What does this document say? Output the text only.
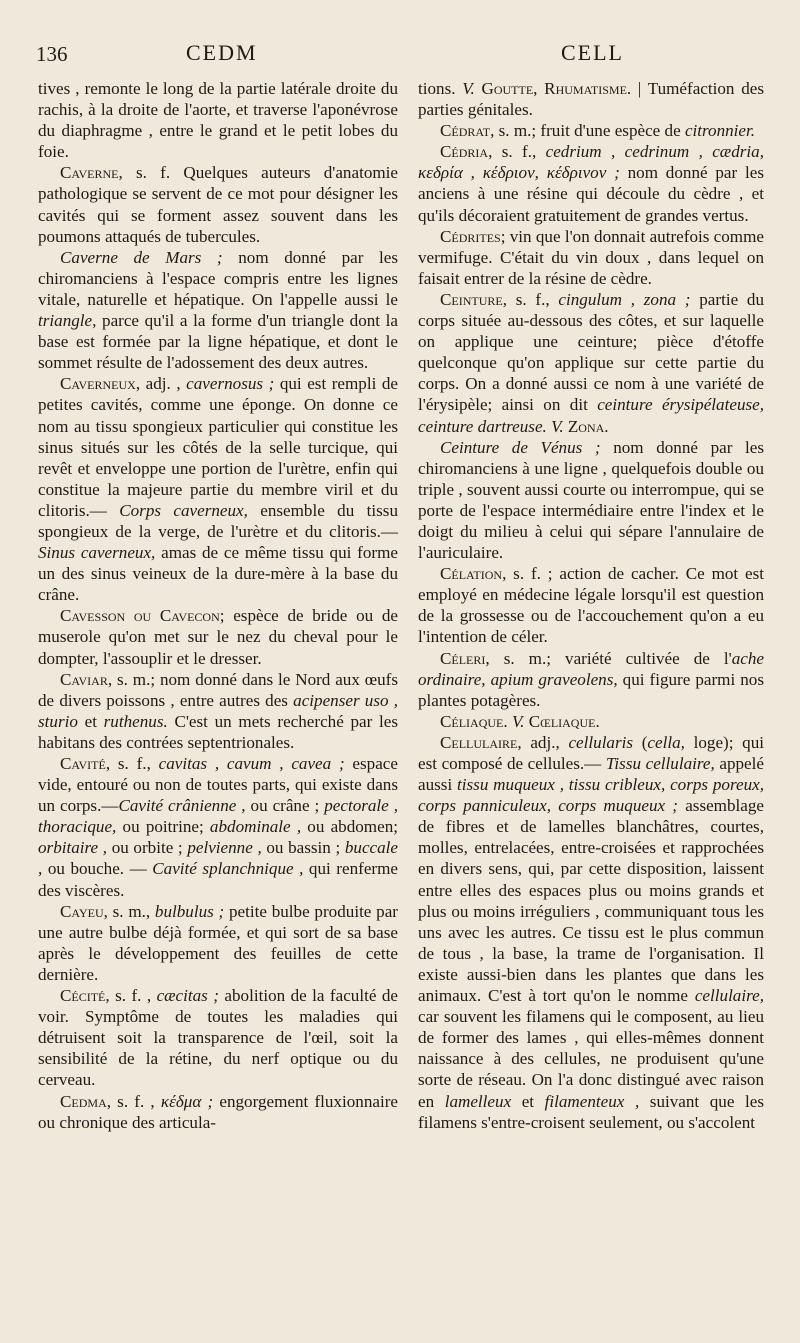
136	CEDM	CELL

tives , remonte le long de la partie latérale droite du rachis, à la droite de l'aorte, et traverse l'aponévrose du diaphragme , entre le grand et le petit lobes du foie.

Caverne, s. f. Quelques auteurs d'anatomie pathologique se servent de ce mot pour désigner les cavités qui se forment assez souvent dans les poumons attaqués de tubercules.

Caverne de Mars ; nom donné par les chiromanciens à l'espace compris entre les lignes vitale, naturelle et hépatique. On l'appelle aussi le triangle, parce qu'il a la forme d'un triangle dont la base est formée par la ligne hépatique, et dont le sommet résulte de l'adossement des deux autres.

Caverneux, adj. , cavernosus ; qui est rempli de petites cavités, comme une éponge. On donne ce nom au tissu spongieux particulier qui constitue les sinus situés sur les côtés de la selle turcique, qui revêt et enveloppe une portion de l'urètre, enfin qui constitue la majeure partie du membre viril et du clitoris.— Corps caverneux, ensemble du tissu spongieux de la verge, de l'urètre et du clitoris.—Sinus caverneux, amas de ce même tissu qui forme un des sinus veineux de la dure-mère à la base du crâne.

Cavesson ou Cavecon; espèce de bride ou de muserole qu'on met sur le nez du cheval pour le dompter, l'assouplir et le dresser.

Caviar, s. m.; nom donné dans le Nord aux œufs de divers poissons , entre autres des acipenser uso , sturio et ruthenus. C'est un mets recherché par les habitans des contrées septentrionales.

Cavité, s. f., cavitas , cavum , cavea ; espace vide, entouré ou non de toutes parts, qui existe dans un corps.—Cavité crânienne , ou crâne ; pectorale , thoracique, ou poitrine; abdominale , ou abdomen; orbitaire , ou orbite ; pelvienne , ou bassin ; buccale , ou bouche. — Cavité splanchnique , qui renferme des viscères.

Cayeu, s. m., bulbulus ; petite bulbe produite par une autre bulbe déjà formée, et qui sort de sa base après le développement des feuilles de cette dernière.

Cécité, s. f. , cæcitas ; abolition de la faculté de voir. Symptôme de toutes les maladies qui détruisent soit la transparence de l'œil, soit la sensibilité de la rétine, du nerf optique ou du cerveau.

Cedma, s. f. , κέδμα ; engorgement fluxionnaire ou chronique des articula-

tions. V. Goutte, Rhumatisme. | Tuméfaction des parties génitales.

Cédrat, s. m.; fruit d'une espèce de citronnier.

Cédria, s. f., cedrium , cedrinum , cædria, κεδρία , κέδριον, κέδρινον ; nom donné par les anciens à une résine qui découle du cèdre , et qu'ils décoraient gratuitement de grandes vertus.

Cédrites; vin que l'on donnait autrefois comme vermifuge. C'était du vin doux , dans lequel on faisait entrer de la résine de cèdre.

Ceinture, s. f., cingulum , zona ; partie du corps située au-dessous des côtes, et sur laquelle on applique une ceinture; pièce d'étoffe quelconque qu'on applique sur cette partie du corps. On a donné aussi ce nom à une variété de l'érysipèle; ainsi on dit ceinture érysipélateuse, ceinture dartreuse. V. Zona.

Ceinture de Vénus ; nom donné par les chiromanciens à une ligne , quelquefois double ou triple , souvent aussi courte ou interrompue, qui se porte de l'espace intermédiaire entre l'index et le doigt du milieu à celui qui sépare l'annulaire de l'auriculaire.

Célation, s. f. ; action de cacher. Ce mot est employé en médecine légale lorsqu'il est question de la grossesse ou de l'accouchement qu'on a eu l'intention de céler.

Céleri, s. m.; variété cultivée de l'ache ordinaire, apium graveolens, qui figure parmi nos plantes potagères.

Céliaque. V. Cœliaque.

Cellulaire, adj., cellularis (cella, loge); qui est composé de cellules.— Tissu cellulaire, appelé aussi tissu muqueux , tissu cribleux, corps poreux, corps panniculeux, corps muqueux ; assemblage de fibres et de lamelles blanchâtres, courtes, molles, entrelacées, entre-croisées et rapprochées en divers sens, qui, par cette disposition, laissent entre elles des espaces plus ou moins grands et plus ou moins irréguliers , communiquant tous les uns avec les autres. Ce tissu est le plus commun de tous , la base, la trame de l'organisation. Il existe aussi-bien dans les plantes que dans les animaux. C'est à tort qu'on le nomme cellulaire, car souvent les filamens qui le composent, au lieu de former des lames , qui elles-mêmes donnent naissance à des cellules, ne produisent qu'une sorte de réseau. On l'a donc distingué avec raison en lamelleux et filamenteux , suivant que les filamens s'entre-croisent seulement, ou s'accolent
